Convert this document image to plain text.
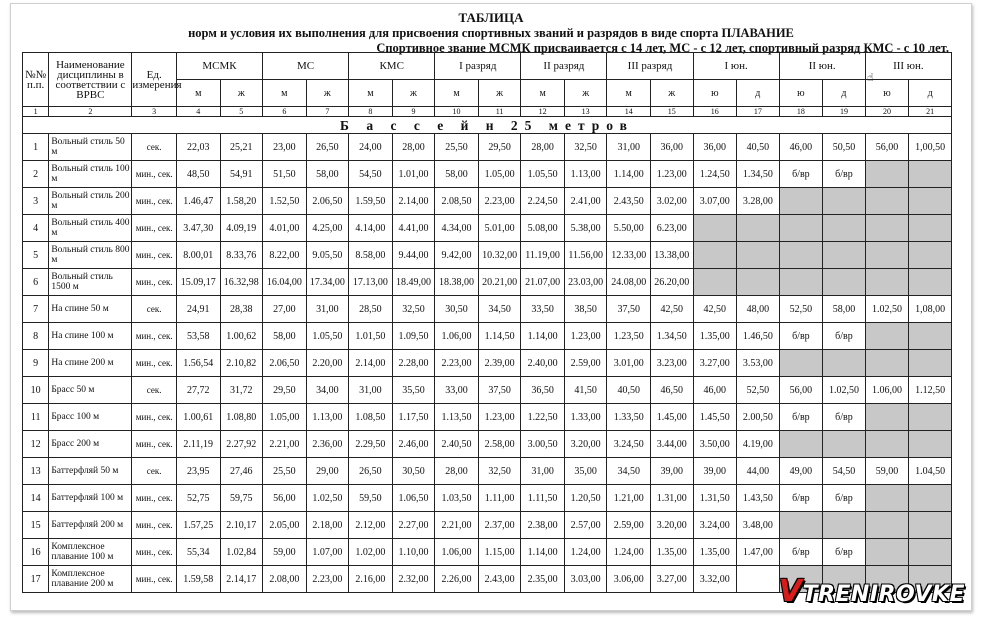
ТАБЛИЦА
норм и условия их выполнения для присвоения спортивных званий и разрядов в виде спорта ПЛАВАНИЕ
Спортивное звание МСМК присваивается с 14 лет, МС - с 12 лет, спортивный разряд КМС - с 10 лет.
№№ п.п.	Наименование дисциплины в соответствии с ВРВС	Ед. измерения	МСМК		МС		КМС		I разряд		II разряд		III разряд		I юн.		II юн.		III юн.	
			м	ж	м	ж	м	ж	м	ж	м	ж	м	ж	ю	д	ю	д	ю	д
1	2	3	4	5	6	7	8	9	10	11	12	13	14	15	16	17	18	19	20	21
Б а с с е й н 25 метров																				
1	Вольный стиль 50 м	сек.	22,03	25,21	23,00	26,50	24,00	28,00	25,50	29,50	28,00	32,50	31,00	36,00	36,00	40,50	46,00	50,50	56,00	1,00,50
2	Вольный стиль 100 м	мин., сек.	48,50	54,91	51,50	58,00	54,50	1.01,00	58,00	1.05,00	1.05,50	1.13,00	1.14,00	1.23,00	1.24,50	1.34,50	б/вр	б/вр		
3	Вольный стиль 200 м	мин., сек.	1.46,47	1.58,20	1.52,50	2.06,50	1.59,50	2.14,00	2.08,50	2.23,00	2.24,50	2.41,00	2.43,50	3.02,00	3.07,00	3.28,00				
4	Вольный стиль 400 м	мин., сек.	3.47,30	4.09,19	4.01,00	4.25,00	4.14,00	4.41,00	4.34,00	5.01,00	5.08,00	5.38,00	5.50,00	6.23,00						
5	Вольный стиль 800 м	мин., сек.	8.00,01	8.33,76	8.22,00	9.05,50	8.58,00	9.44,00	9.42,00	10.32,00	11.19,00	11.56,00	12.33,00	13.38,00						
6	Вольный стиль 1500 м	мин., сек.	15.09,17	16.32,98	16.04,00	17.34,00	17.13,00	18.49,00	18.38,00	20.21,00	21.07,00	23.03,00	24.08,00	26.20,00						
7	На спине 50 м	сек.	24,91	28,38	27,00	31,00	28,50	32,50	30,50	34,50	33,50	38,50	37,50	42,50	42,50	48,00	52,50	58,00	1.02,50	1,08,00
8	На спине 100 м	мин., сек.	53,58	1.00,62	58,00	1.05,50	1.01,50	1.09,50	1.06,00	1.14,50	1.14,00	1.23,00	1.23,50	1.34,50	1.35,00	1.46,50	б/вр	б/вр		
9	На спине 200 м	мин., сек.	1.56,54	2.10,82	2.06,50	2.20,00	2.14,00	2.28,00	2.23,00	2.39,00	2.40,00	2.59,00	3.01,00	3.23,00	3.27,00	3.53,00				
10	Брасс 50 м	сек.	27,72	31,72	29,50	34,00	31,00	35,50	33,00	37,50	36,50	41,50	40,50	46,50	46,00	52,50	56,00	1.02,50	1.06,00	1.12,50
11	Брасс 100 м	мин., сек.	1.00,61	1.08,80	1.05,00	1.13,00	1.08,50	1.17,50	1.13,50	1.23,00	1.22,50	1.33,00	1.33,50	1.45,00	1.45,50	2.00,50	б/вр	б/вр		
12	Брасс 200 м	мин., сек.	2.11,19	2.27,92	2.21,00	2.36,00	2.29,50	2.46,00	2.40,50	2.58,00	3.00,50	3.20,00	3.24,50	3.44,00	3.50,00	4.19,00				
13	Баттерфляй 50 м	сек.	23,95	27,46	25,50	29,00	26,50	30,50	28,00	32,50	31,00	35,00	34,50	39,00	39,00	44,00	49,00	54,50	59,00	1.04,50
14	Баттерфляй 100 м	мин., сек.	52,75	59,75	56,00	1.02,50	59,50	1.06,50	1.03,50	1.11,00	1.11,50	1.20,50	1.21,00	1.31,00	1.31,50	1.43,50	б/вр	б/вр		
15	Баттерфляй 200 м	мин., сек.	1.57,25	2.10,17	2.05,00	2.18,00	2.12,00	2.27,00	2.21,00	2.37,00	2.38,00	2.57,00	2.59,00	3.20,00	3.24,00	3.48,00				
16	Комплексное плавание 100 м	мин., сек.	55,34	1.02,84	59,00	1.07,00	1.02,00	1.10,00	1.06,00	1.15,00	1.14,00	1.24,00	1.24,00	1.35,00	1.35,00	1.47,00	б/вр	б/вр		
17	Комплексное плавание 200 м	мин., сек.	1.59,58	2.14,17	2.08,00	2.23,00	2.16,00	2.32,00	2.26,00	2.43,00	2.35,00	3.03,00	3.06,00	3.27,00	3.32,00					
☝
VTRENIROVKE
